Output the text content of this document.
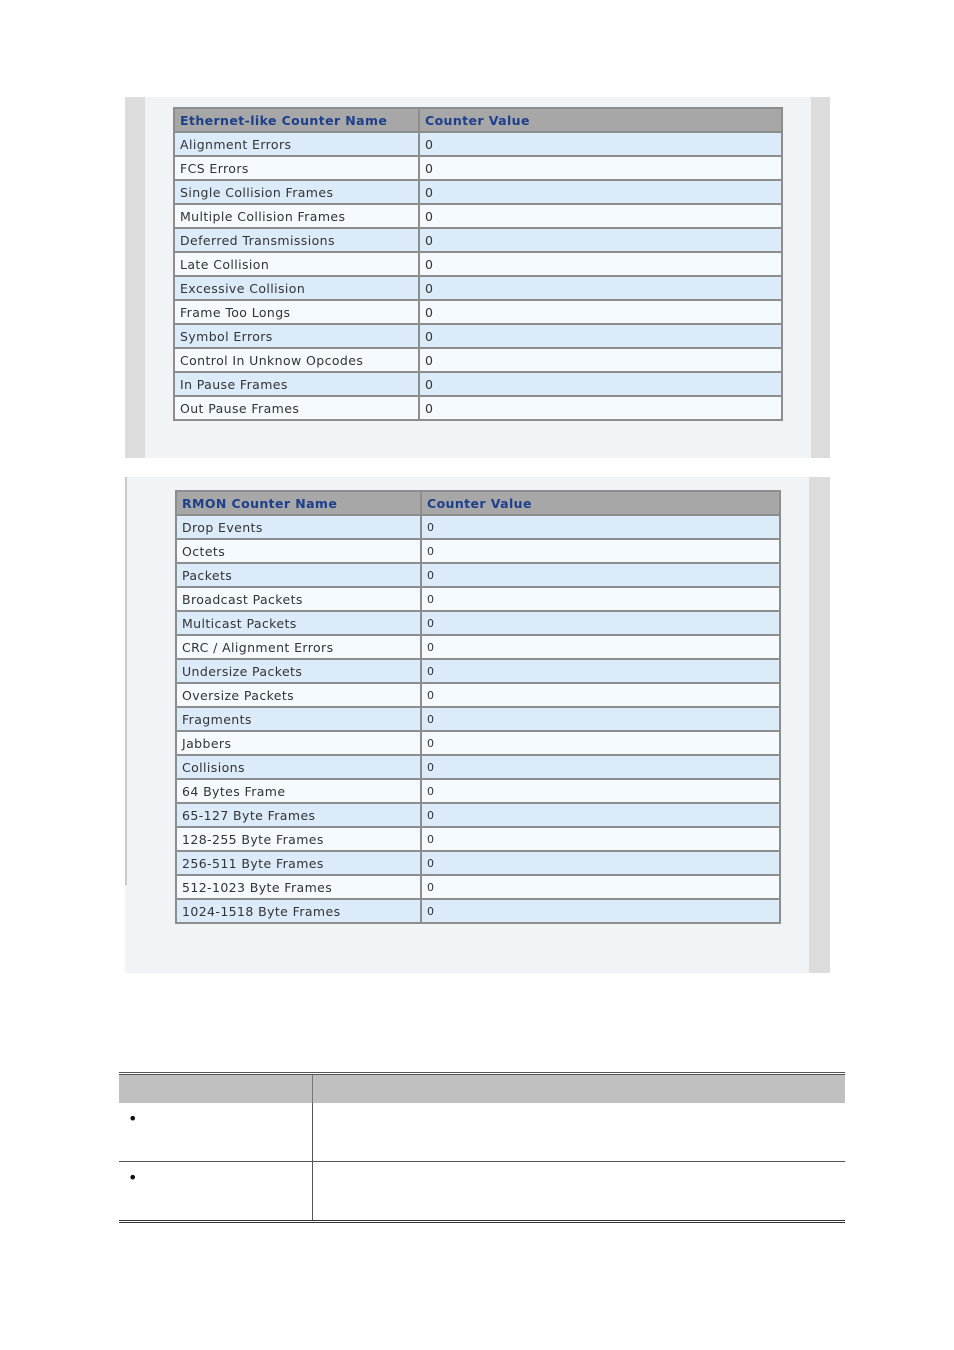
Ethernet-like Counter Name	Counter Value
Alignment Errors	0
FCS Errors	0
Single Collision Frames	0
Multiple Collision Frames	0
Deferred Transmissions	0
Late Collision	0
Excessive Collision	0
Frame Too Longs	0
Symbol Errors	0
Control In Unknow Opcodes	0
In Pause Frames	0
Out Pause Frames	0
RMON Counter Name	Counter Value
Drop Events	0
Octets	0
Packets	0
Broadcast Packets	0
Multicast Packets	0
CRC / Alignment Errors	0
Undersize Packets	0
Oversize Packets	0
Fragments	0
Jabbers	0
Collisions	0
64 Bytes Frame	0
65-127 Byte Frames	0
128-255 Byte Frames	0
256-511 Byte Frames	0
512-1023 Byte Frames	0
1024-1518 Byte Frames	0

•	
•	
